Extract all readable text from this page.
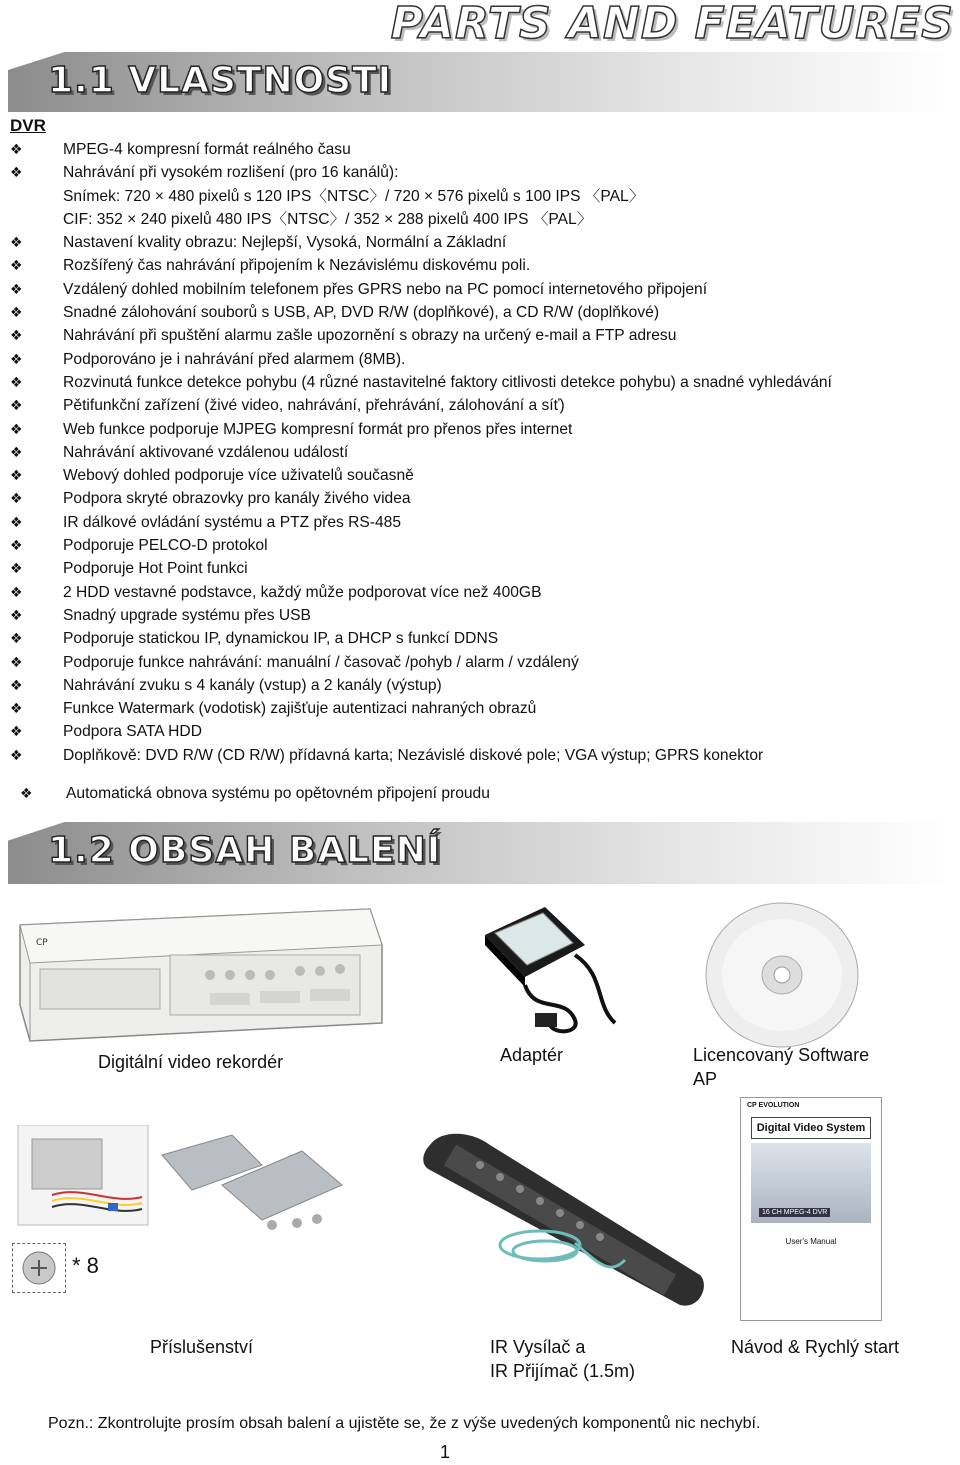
PARTS AND FEATURES
1.1 VLASTNOSTI
DVR
❖	MPEG-4 kompresní formát reálného času
❖	Nahrávání při vysokém rozlišení (pro 16 kanálů):
Snímek: 720 × 480 pixelů s 120 IPS〈NTSC〉/ 720 × 576 pixelů s 100 IPS 〈PAL〉
CIF: 352 × 240 pixelů 480 IPS〈NTSC〉/ 352 × 288 pixelů 400 IPS 〈PAL〉
❖	Nastavení kvality obrazu: Nejlepší, Vysoká, Normální a Základní
❖	Rozšířený čas nahrávání připojením k Nezávislému diskovému poli.
❖	Vzdálený dohled mobilním telefonem přes GPRS nebo na PC pomocí internetového připojení
❖	Snadné zálohování souborů s USB, AP, DVD R/W (doplňkové), a CD R/W (doplňkové)
❖	Nahrávání při spuštění alarmu zašle upozornění s obrazy na určený e-mail a FTP adresu
❖	Podporováno je i nahrávání před alarmem (8MB).
❖	Rozvinutá funkce detekce pohybu (4 různé nastavitelné faktory citlivosti detekce pohybu) a snadné vyhledávání
❖	Pětifunkční zařízení (živé video, nahrávání, přehrávání, zálohování a síť)
❖	Web funkce podporuje MJPEG kompresní formát pro přenos přes internet
❖	Nahrávání aktivované vzdálenou událostí
❖	Webový dohled podporuje více uživatelů současně
❖	Podpora skryté obrazovky pro kanály živého videa
❖	IR dálkové ovládání systému a PTZ přes RS-485
❖	Podporuje PELCO-D protokol
❖	Podporuje Hot Point funkci
❖	2 HDD vestavné podstavce, každý může podporovat více než 400GB
❖	Snadný upgrade systému přes USB
❖	Podporuje statickou IP, dynamickou IP, a DHCP s funkcí DDNS
❖	Podporuje funkce nahrávání: manuální / časovač /pohyb / alarm / vzdálený
❖	Nahrávání zvuku s 4 kanály (vstup) a 2 kanály (výstup)
❖	Funkce Watermark (vodotisk) zajišťuje autentizaci nahraných obrazů
❖	Podpora SATA HDD
❖	Doplňkově: DVD R/W (CD R/W) přídavná karta; Nezávislé diskové pole; VGA výstup; GPRS konektor
❖ Automatická obnova systému po opětovném připojení proudu
1.2 OBSAH BALENÍ
CP
Digitální video rekordér	Adaptér	Licencovaný Software
AP
* 8
CP EVOLUTION
Digital Video System
16 CH MPEG-4 DVR
User's Manual
Příslušenství	IR Vysílač a
IR Přijímač (1.5m)
Návod & Rychlý start
Pozn.: Zkontrolujte prosím obsah balení a ujistěte se, že z výše uvedených komponentů nic nechybí.
1
